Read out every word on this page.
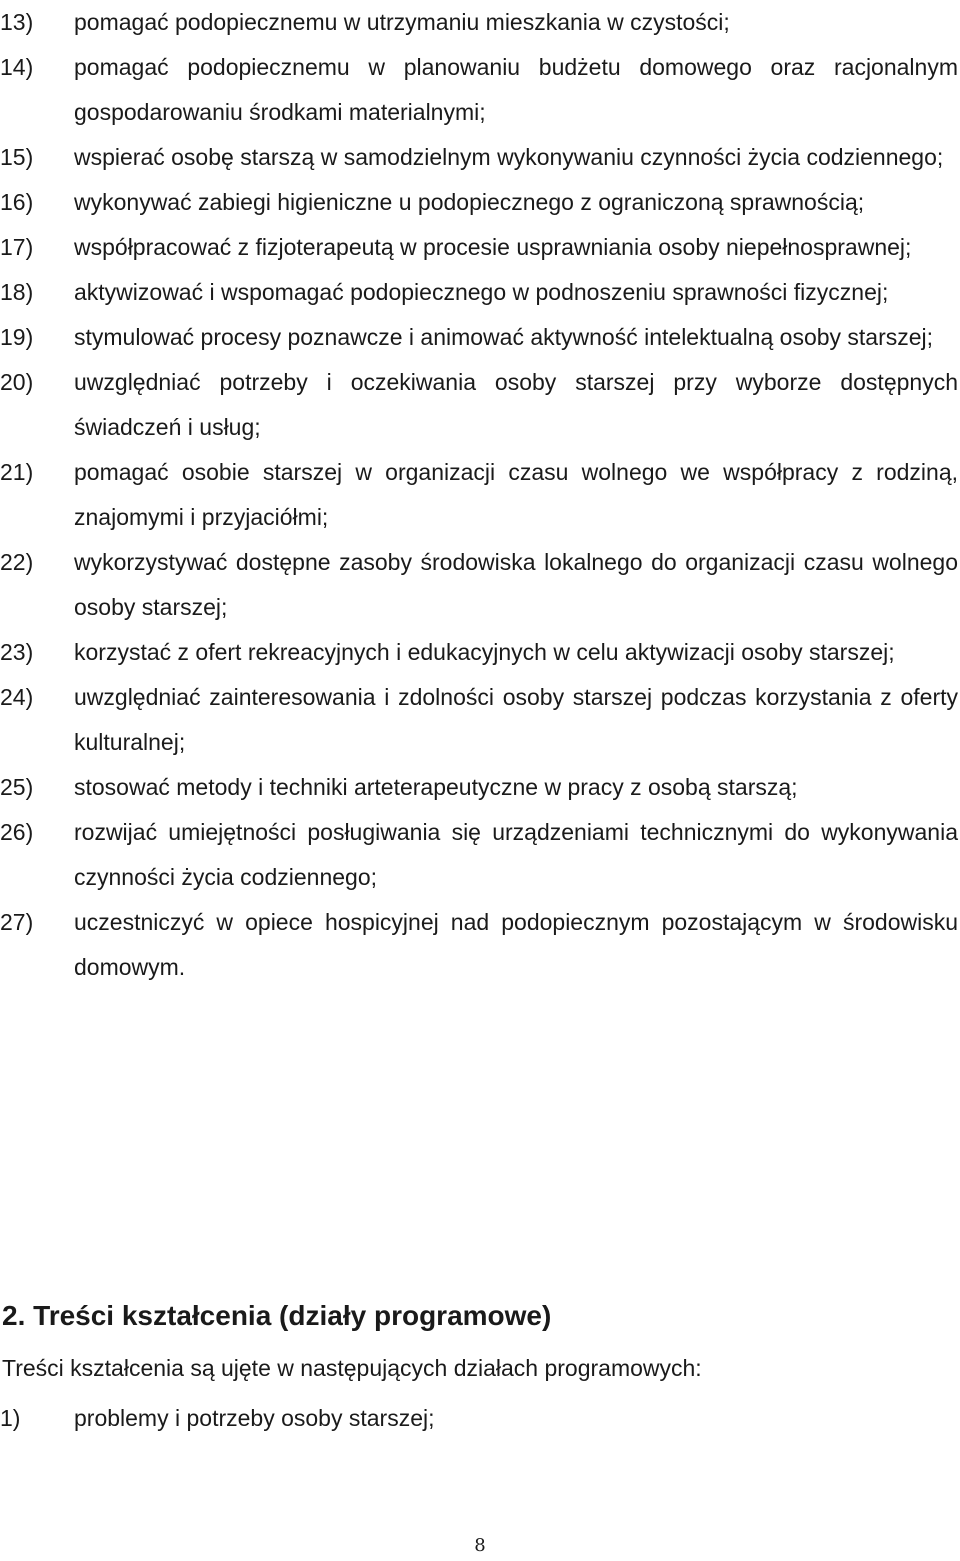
13)	pomagać podopiecznemu w utrzymaniu mieszkania w czystości;
14)	pomagać podopiecznemu w planowaniu budżetu domowego oraz racjonalnym gospodarowaniu środkami materialnymi;
15)	wspierać osobę starszą w samodzielnym wykonywaniu czynności życia codziennego;
16)	wykonywać zabiegi higieniczne u podopiecznego z ograniczoną sprawnością;
17)	współpracować z fizjoterapeutą w procesie usprawniania osoby niepełnosprawnej;
18)	aktywizować i wspomagać podopiecznego w podnoszeniu sprawności fizycznej;
19)	stymulować procesy poznawcze i animować aktywność intelektualną osoby starszej;
20)	uwzględniać potrzeby i oczekiwania osoby starszej przy wyborze dostępnych świadczeń i usług;
21)	pomagać osobie starszej w organizacji czasu wolnego we współpracy z rodziną, znajomymi i przyjaciółmi;
22)	wykorzystywać dostępne zasoby środowiska lokalnego do organizacji czasu wolnego osoby starszej;
23)	korzystać z ofert rekreacyjnych i edukacyjnych w celu aktywizacji osoby starszej;
24)	uwzględniać zainteresowania i zdolności osoby starszej podczas korzystania z oferty kulturalnej;
25)	stosować metody i techniki arteterapeutyczne w pracy z osobą starszą;
26)	rozwijać umiejętności posługiwania się urządzeniami technicznymi do wykonywania czynności życia codziennego;
27)	uczestniczyć w opiece hospicyjnej nad podopiecznym pozostającym w środowisku domowym.
2. Treści kształcenia (działy programowe)
Treści kształcenia są ujęte w następujących działach programowych:
1)	problemy i potrzeby osoby starszej;
8
